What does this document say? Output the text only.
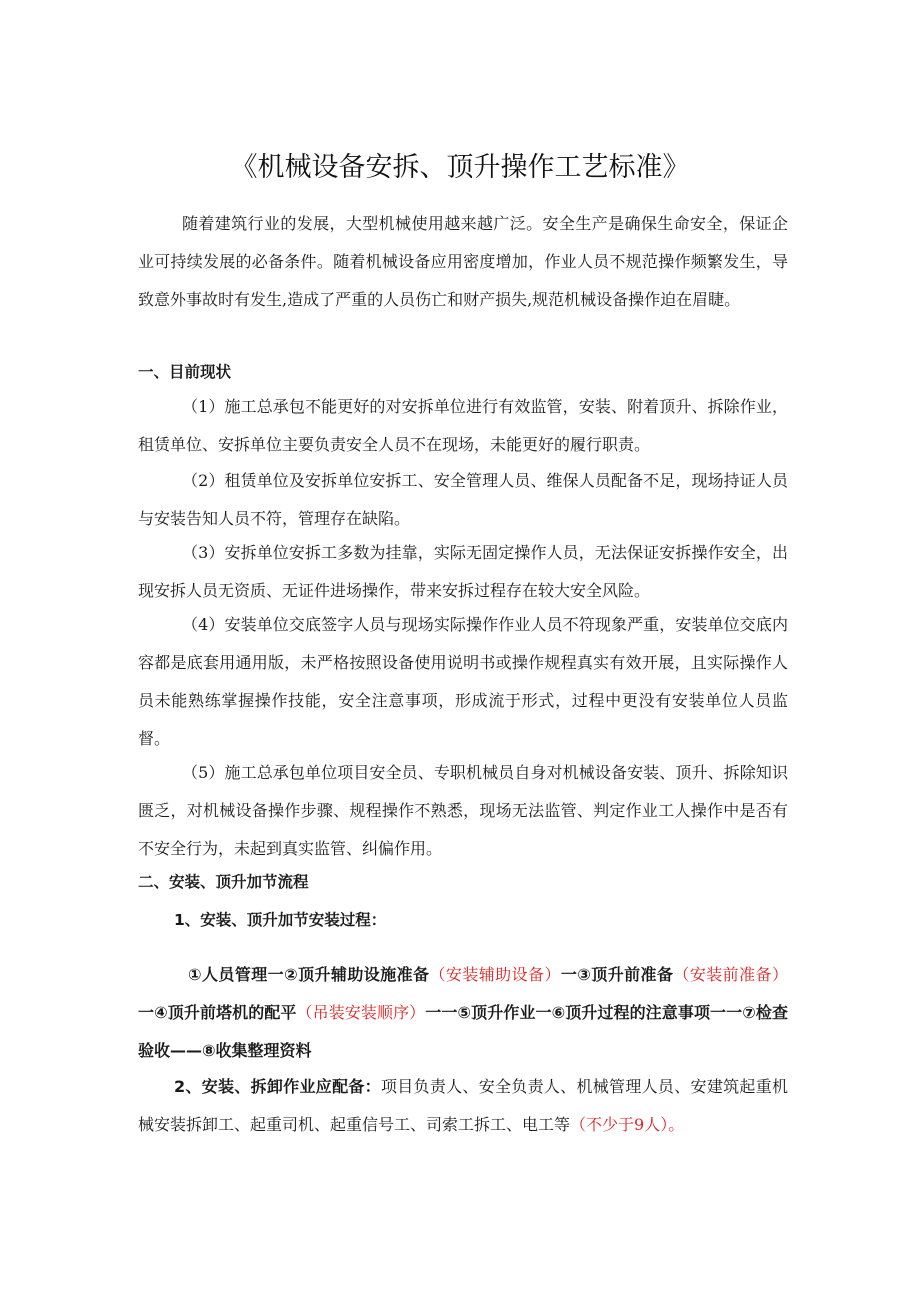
《机械设备安拆、顶升操作工艺标准》

随着建筑行业的发展，大型机械使用越来越广泛。安全生产是确保生命安全，保证企业可持续发展的必备条件。随着机械设备应用密度增加，作业人员不规范操作频繁发生，导致意外事故时有发生,造成了严重的人员伤亡和财产损失,规范机械设备操作迫在眉睫。

一、目前现状

（1）施工总承包不能更好的对安拆单位进行有效监管，安装、附着顶升、拆除作业，租赁单位、安拆单位主要负责安全人员不在现场，未能更好的履行职责。

（2）租赁单位及安拆单位安拆工、安全管理人员、维保人员配备不足，现场持证人员与安装告知人员不符，管理存在缺陷。

（3）安拆单位安拆工多数为挂靠，实际无固定操作人员，无法保证安拆操作安全，出现安拆人员无资质、无证件进场操作，带来安拆过程存在较大安全风险。

（4）安装单位交底签字人员与现场实际操作作业人员不符现象严重，安装单位交底内容都是底套用通用版，未严格按照设备使用说明书或操作规程真实有效开展，且实际操作人员未能熟练掌握操作技能，安全注意事项，形成流于形式，过程中更没有安装单位人员监督。

（5）施工总承包单位项目安全员、专职机械员自身对机械设备安装、顶升、拆除知识匮乏，对机械设备操作步骤、规程操作不熟悉，现场无法监管、判定作业工人操作中是否有不安全行为，未起到真实监管、纠偏作用。

二、安装、顶升加节流程

1、安装、顶升加节安装过程：

①人员管理一②顶升辅助设施准备（安装辅助设备）一③顶升前准备（安装前准备）一④顶升前塔机的配平（吊装安装顺序）一一⑤顶升作业一⑥顶升过程的注意事项一一⑦检查验收——⑧收集整理资料

2、安装、拆卸作业应配备：项目负责人、安全负责人、机械管理人员、安建筑起重机械安装拆卸工、起重司机、起重信号工、司索工拆工、电工等（不少于9人）。
